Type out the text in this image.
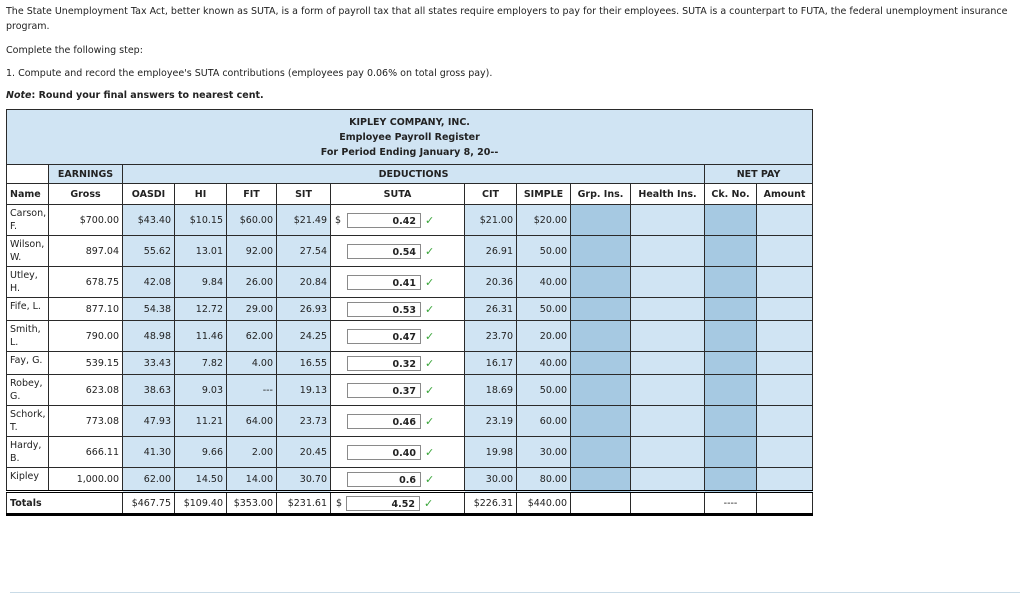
The State Unemployment Tax Act, better known as SUTA, is a form of payroll tax that all states require employers to pay for their employees. SUTA is a counterpart to FUTA, the federal unemployment insurance program.
Complete the following step:
1. Compute and record the employee's SUTA contributions (employees pay 0.06% on total gross pay).
Note: Round your final answers to nearest cent.
KIPLEY COMPANY, INC.
Employee Payroll Register
For Period Ending January 8, 20--												

	EARNINGS	DEDUCTIONS									NET PAY	
Name	Gross	OASDI	HI	FIT	SIT	SUTA	CIT	SIMPLE	Grp. Ins.	Health Ins.	Ck. No.	Amount
Carson, F.	$700.00	$43.40	$10.15	$60.00	$21.49	$ 0.42 ✓	$21.00	$20.00				
Wilson, W.	897.04	55.62	13.01	92.00	27.54	0.54 ✓	26.91	50.00				
Utley, H.	678.75	42.08	9.84	26.00	20.84	0.41 ✓	20.36	40.00				
Fife, L.	877.10	54.38	12.72	29.00	26.93	0.53 ✓	26.31	50.00				
Smith, L.	790.00	48.98	11.46	62.00	24.25	0.47 ✓	23.70	20.00				
Fay, G.	539.15	33.43	7.82	4.00	16.55	0.32 ✓	16.17	40.00				
Robey, G.	623.08	38.63	9.03	---	19.13	0.37 ✓	18.69	50.00				
Schork, T.	773.08	47.93	11.21	64.00	23.73	0.46 ✓	23.19	60.00				
Hardy, B.	666.11	41.30	9.66	2.00	20.45	0.40 ✓	19.98	30.00				
Kipley	1,000.00	62.00	14.50	14.00	30.70	0.6 ✓	30.00	80.00				
Totals		$467.75	$109.40	$353.00	$231.61	$ 4.52 ✓	$226.31	$440.00			----	
